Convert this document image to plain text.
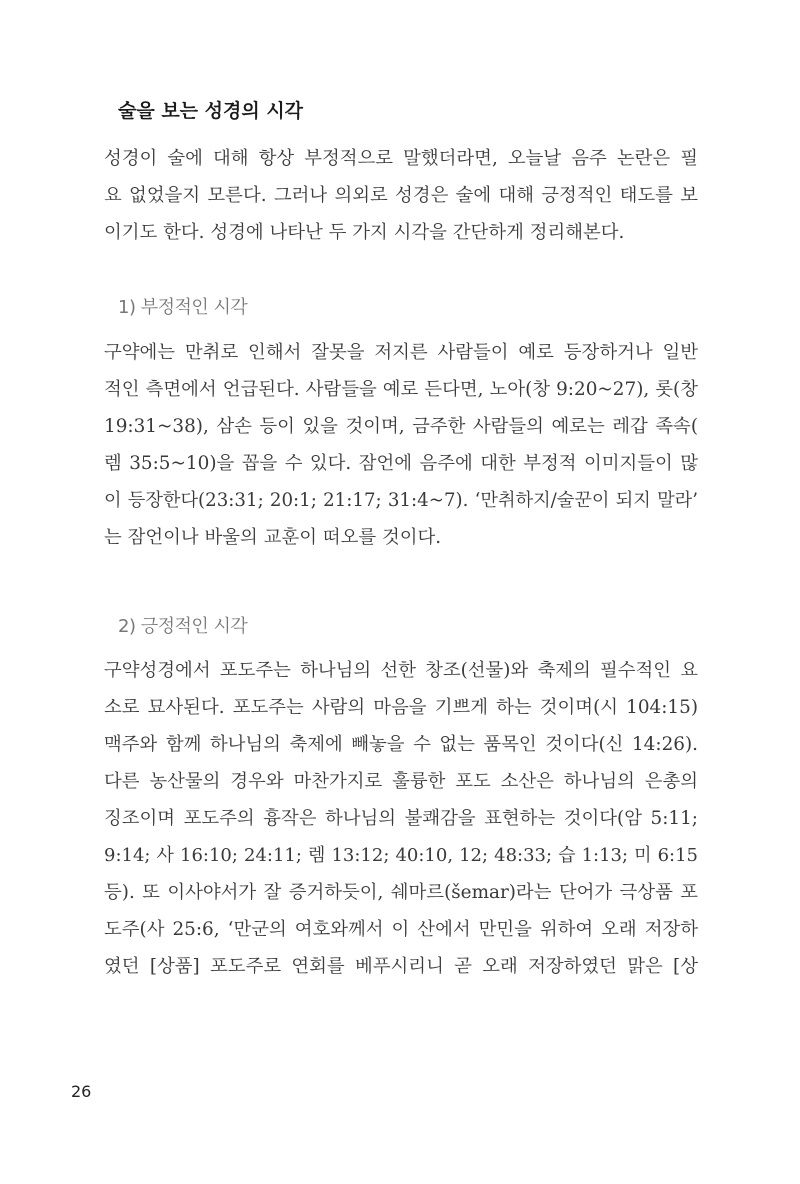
술을 보는 성경의 시각
성경이 술에 대해 항상 부정적으로 말했더라면, 오늘날 음주 논란은 필
요 없었을지 모른다. 그러나 의외로 성경은 술에 대해 긍정적인 태도를 보
이기도 한다. 성경에 나타난 두 가지 시각을 간단하게 정리해본다.
1) 부정적인 시각
구약에는 만취로 인해서 잘못을 저지른 사람들이 예로 등장하거나 일반
적인 측면에서 언급된다. 사람들을 예로 든다면, 노아(창 9:20~27), 롯(창
19:31~38), 삼손 등이 있을 것이며, 금주한 사람들의 예로는 레갑 족속(
렘 35:5~10)을 꼽을 수 있다. 잠언에 음주에 대한 부정적 이미지들이 많
이 등장한다(23:31; 20:1; 21:17; 31:4~7). ‘만취하지/술꾼이 되지 말라’
는 잠언이나 바울의 교훈이 떠오를 것이다.
2) 긍정적인 시각
구약성경에서 포도주는 하나님의 선한 창조(선물)와 축제의 필수적인 요
소로 묘사된다. 포도주는 사람의 마음을 기쁘게 하는 것이며(시 104:15)
맥주와 함께 하나님의 축제에 빼놓을 수 없는 품목인 것이다(신 14:26).
다른 농산물의 경우와 마찬가지로 훌륭한 포도 소산은 하나님의 은총의
징조이며 포도주의 흉작은 하나님의 불쾌감을 표현하는 것이다(암 5:11;
9:14; 사 16:10; 24:11; 렘 13:12; 40:10, 12; 48:33; 습 1:13; 미 6:15
등). 또 이사야서가 잘 증거하듯이, 쉐마르(šemar)라는 단어가 극상품 포
도주(사 25:6, ‘만군의 여호와께서 이 산에서 만민을 위하여 오래 저장하
였던 [상품] 포도주로 연회를 베푸시리니 곧 오래 저장하였던 맑은 [상
26
